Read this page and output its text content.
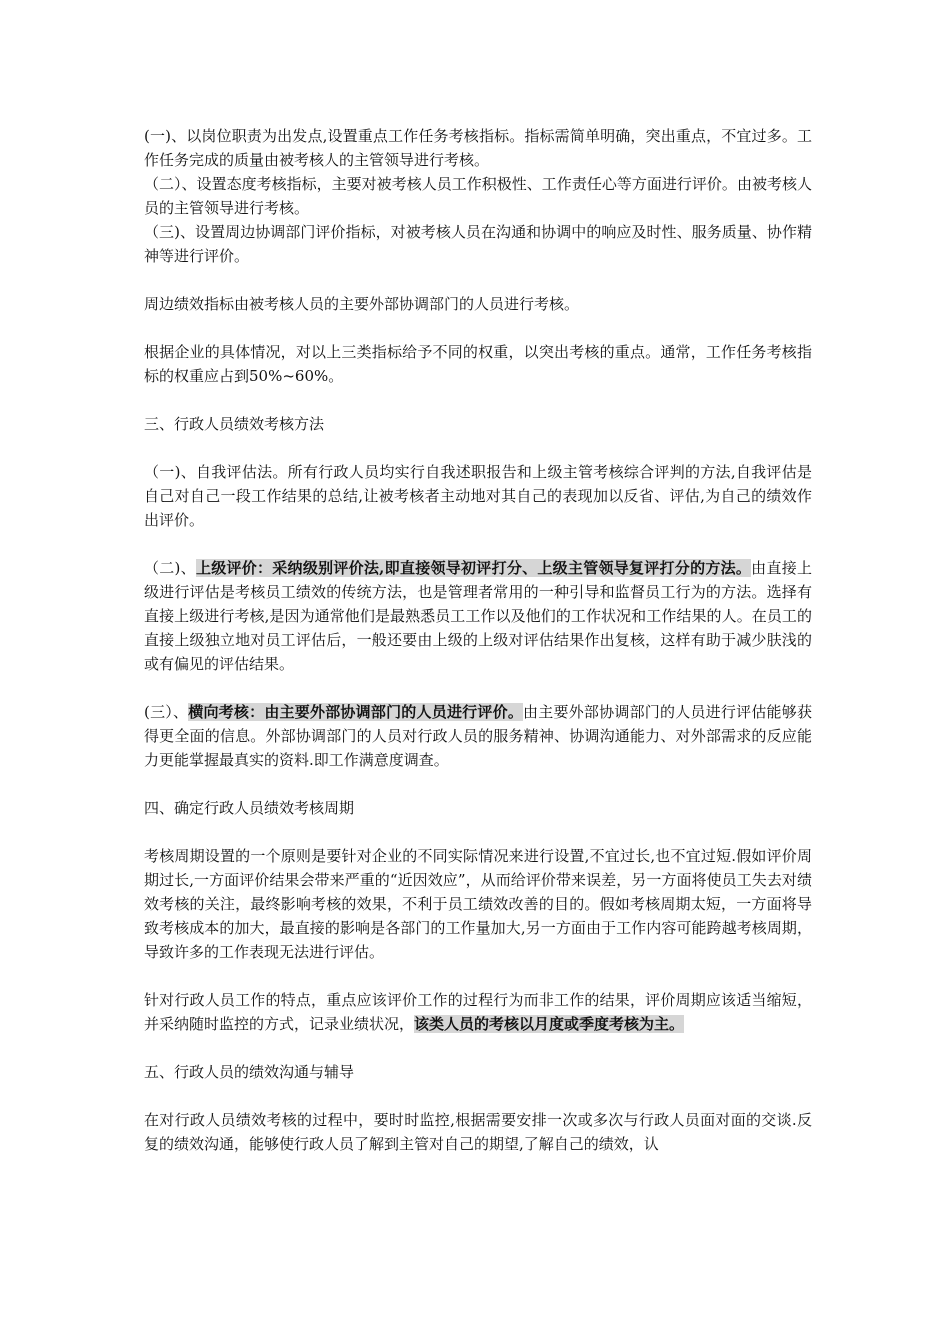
(一)、以岗位职责为出发点,设置重点工作任务考核指标。指标需简单明确，突出重点，不宜过多。工作任务完成的质量由被考核人的主管领导进行考核。

（二）、设置态度考核指标，主要对被考核人员工作积极性、工作责任心等方面进行评价。由被考核人员的主管领导进行考核。

（三)、设置周边协调部门评价指标，对被考核人员在沟通和协调中的响应及时性、服务质量、协作精神等进行评价。

周边绩效指标由被考核人员的主要外部协调部门的人员进行考核。

根据企业的具体情况，对以上三类指标给予不同的权重，以突出考核的重点。通常，工作任务考核指标的权重应占到50%~60%。

三、行政人员绩效考核方法

（一)、自我评估法。所有行政人员均实行自我述职报告和上级主管考核综合评判的方法,自我评估是自己对自己一段工作结果的总结,让被考核者主动地对其自己的表现加以反省、评估,为自己的绩效作出评价。

（二)、上级评价：采纳级别评价法,即直接领导初评打分、上级主管领导复评打分的方法。由直接上级进行评估是考核员工绩效的传统方法，也是管理者常用的一种引导和监督员工行为的方法。选择有直接上级进行考核,是因为通常他们是最熟悉员工工作以及他们的工作状况和工作结果的人。在员工的直接上级独立地对员工评估后，一般还要由上级的上级对评估结果作出复核，这样有助于减少肤浅的或有偏见的评估结果。

(三）、横向考核：由主要外部协调部门的人员进行评价。由主要外部协调部门的人员进行评估能够获得更全面的信息。外部协调部门的人员对行政人员的服务精神、协调沟通能力、对外部需求的反应能力更能掌握最真实的资料.即工作满意度调查。

四、确定行政人员绩效考核周期

考核周期设置的一个原则是要针对企业的不同实际情况来进行设置,不宜过长,也不宜过短.假如评价周期过长,一方面评价结果会带来严重的“近因效应”，从而给评价带来误差，另一方面将使员工失去对绩效考核的关注，最终影响考核的效果，不利于员工绩效改善的目的。假如考核周期太短，一方面将导致考核成本的加大，最直接的影响是各部门的工作量加大,另一方面由于工作内容可能跨越考核周期，导致许多的工作表现无法进行评估。

针对行政人员工作的特点，重点应该评价工作的过程行为而非工作的结果，评价周期应该适当缩短，并采纳随时监控的方式，记录业绩状况，该类人员的考核以月度或季度考核为主。

五、行政人员的绩效沟通与辅导

在对行政人员绩效考核的过程中，要时时监控,根据需要安排一次或多次与行政人员面对面的交谈.反复的绩效沟通，能够使行政人员了解到主管对自己的期望,了解自己的绩效，认
